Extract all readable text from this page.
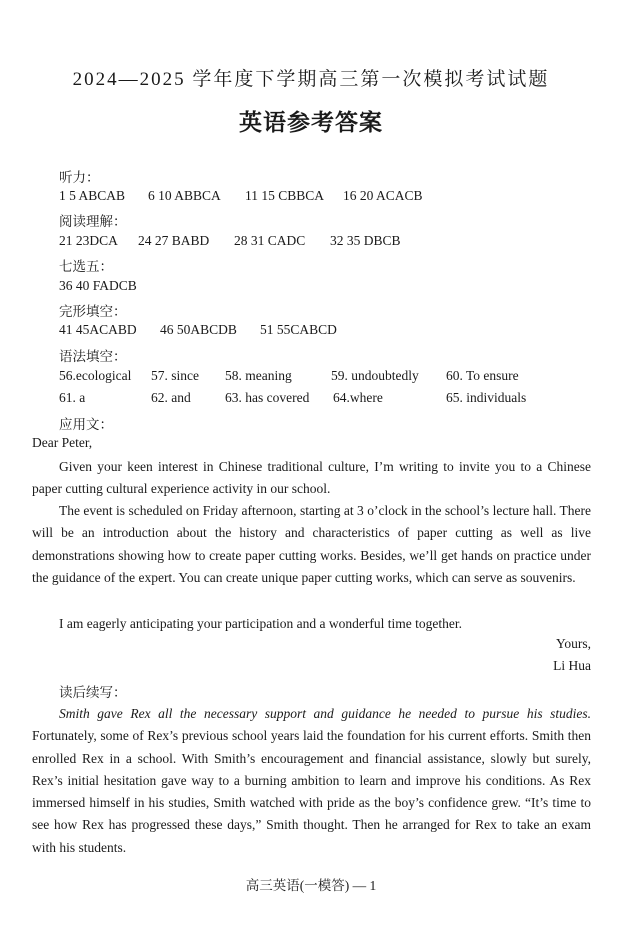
2024—2025 学年度下学期高三第一次模拟考试试题
英语参考答案
听力：
1 5 ABCAB 6 10 ABBCA 11 15 CBBCA 16 20 ACACB
阅读理解：
21 23DCA 24 27 BABD 28 31 CADC 32 35 DBCB
七选五：
36 40 FADCB
完形填空：
41 45ACABD 46 50ABCDB 51 55CABCD
语法填空：
56.ecological 57. since 58. meaning	59. undoubtedly 60. To ensure
61. a	62. and	63. has covered 64.where	65. individuals
应用文：
Dear Peter,
Given your keen interest in Chinese traditional culture, I’m writing to invite you to a Chinese paper cutting cultural experience activity in our school.
The event is scheduled on Friday afternoon, starting at 3 o’clock in the school’s lecture hall. There will be an introduction about the history and characteristics of paper cutting as well as live demonstrations showing how to create paper cutting works. Besides, we’ll get hands on practice under the guidance of the expert. You can create unique paper cutting works, which can serve as souvenirs.
I am eagerly anticipating your participation and a wonderful time together.
Yours,
Li Hua
读后续写：
Smith gave Rex all the necessary support and guidance he needed to pursue his studies. Fortunately, some of Rex’s previous school years laid the foundation for his current efforts. Smith then enrolled Rex in a school. With Smith’s encouragement and financial assistance, slowly but surely, Rex’s initial hesitation gave way to a burning ambition to learn and improve his conditions. As Rex immersed himself in his studies, Smith watched with pride as the boy’s confidence grew. “It’s time to see how Rex has progressed these days,” Smith thought. Then he arranged for Rex to take an exam with his students.
高三英语(一模答) — 1
